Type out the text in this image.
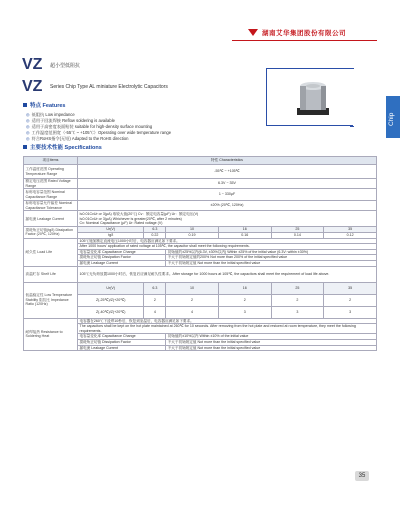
湖南艾华集团股份有限公司
VZ 超小型低阻抗
VZ Series Chip Type AL miniature Electrolytic Capacitors
特点 Features
◎ 低阻抗 Low impedance
◎ 适用于回流焊接 Reflow soldering is available
◎ 适用于高密度表面贴装 suitable for high-density surface mounting
◎ 工作温度范围宽（-55℃ ~ +105℃）Operating over wide temperature range
◎ 符合RoHS指令(无铅) Adapted to the RoHS direction
Chip
主要技术性能 Specifications
项目Items	特性 Characteristics					
工作温度范围 Operating Temperature Range	-55℃ ~ +105℃					
额定电压范围 Rated Voltage Range	6.3V ~ 35V					
标称电容量范围 Nominal Capacitance Range	1 ~ 330μF					
标称电容量允许偏差 Nominal Capacitance Tolerance	±20% (20℃, 120Hz)					
漏电流 Leakage Current	I≤0.01CvUr or 3(μA) 取较大值(20℃) Cv：额定电容量(μF) Ur：额定电压(V)
I≤0.01CvUr or 3(μA) Whichever is greater(20℃, after 2 minutes)
Cv: Nominal Capacitance (μF) Ur: Rated voltage (V)					

损耗角正切值(tgδ) Dissipation Factor (20℃, 120Hz)	Ur(V)	6.3	10	16	25	35
	tgδ	0.22	0.19	0.16	0.14	0.12
耐久性 Load Life	105℃施加额定直流电压1000小时后，电容器应满足如下要求。					
	After 1000 hours' application of rated voltage at 105℃, the capacitor shall meet the following requirements.					
	电容量变化率 Capacitance Change		初始值的±25%以内(6.3V, ±30%以内) Within ±25% of the initial value (6.3V: within ±30%)			
	损耗角正切值 Dissipation Factor		不大于初始规定值的200% Not more than 200% of the initial specified value			
	漏电流 Leakage Current		不大于初始规定值 Not more than the initial specified value			
高温贮存 Shelf Life	105℃无负荷放置1000小时后，恢复后应满足耐久性要求。After storage for 1000 hours at 105℃, the capacitors shall meet the requirement of load life above.					
低温稳定性 Low Temperature Stability 阻抗比 Impedance Ratio (120Hz)	Ur(V)	6.3	10	16	25	35
	Z(-25℃)/Z(+20℃)	2	2	2	2	2
	Z(-40℃)/Z(+20℃)	4	4	3	3	3
耐焊接热 Resistance to Soldering Heat	电容器在260℃下浸焊10秒后，恢复到室温后，电容器应满足如下要求。					
	The capacitors shall be kept on the hot plate maintained at 260℃ for 10 seconds. After removing from the hot plate and restored at room temperature, they meet the following requirements.					
	电容量变化率 Capacitance Change		初始值的±10%以内 Within ±10% of the initial value			
	损耗角正切值 Dissipation Factor		不大于初始规定值 Not more than the initial specified value			
	漏电流 Leakage Current		不大于初始规定值 Not more than the initial specified value			
35
